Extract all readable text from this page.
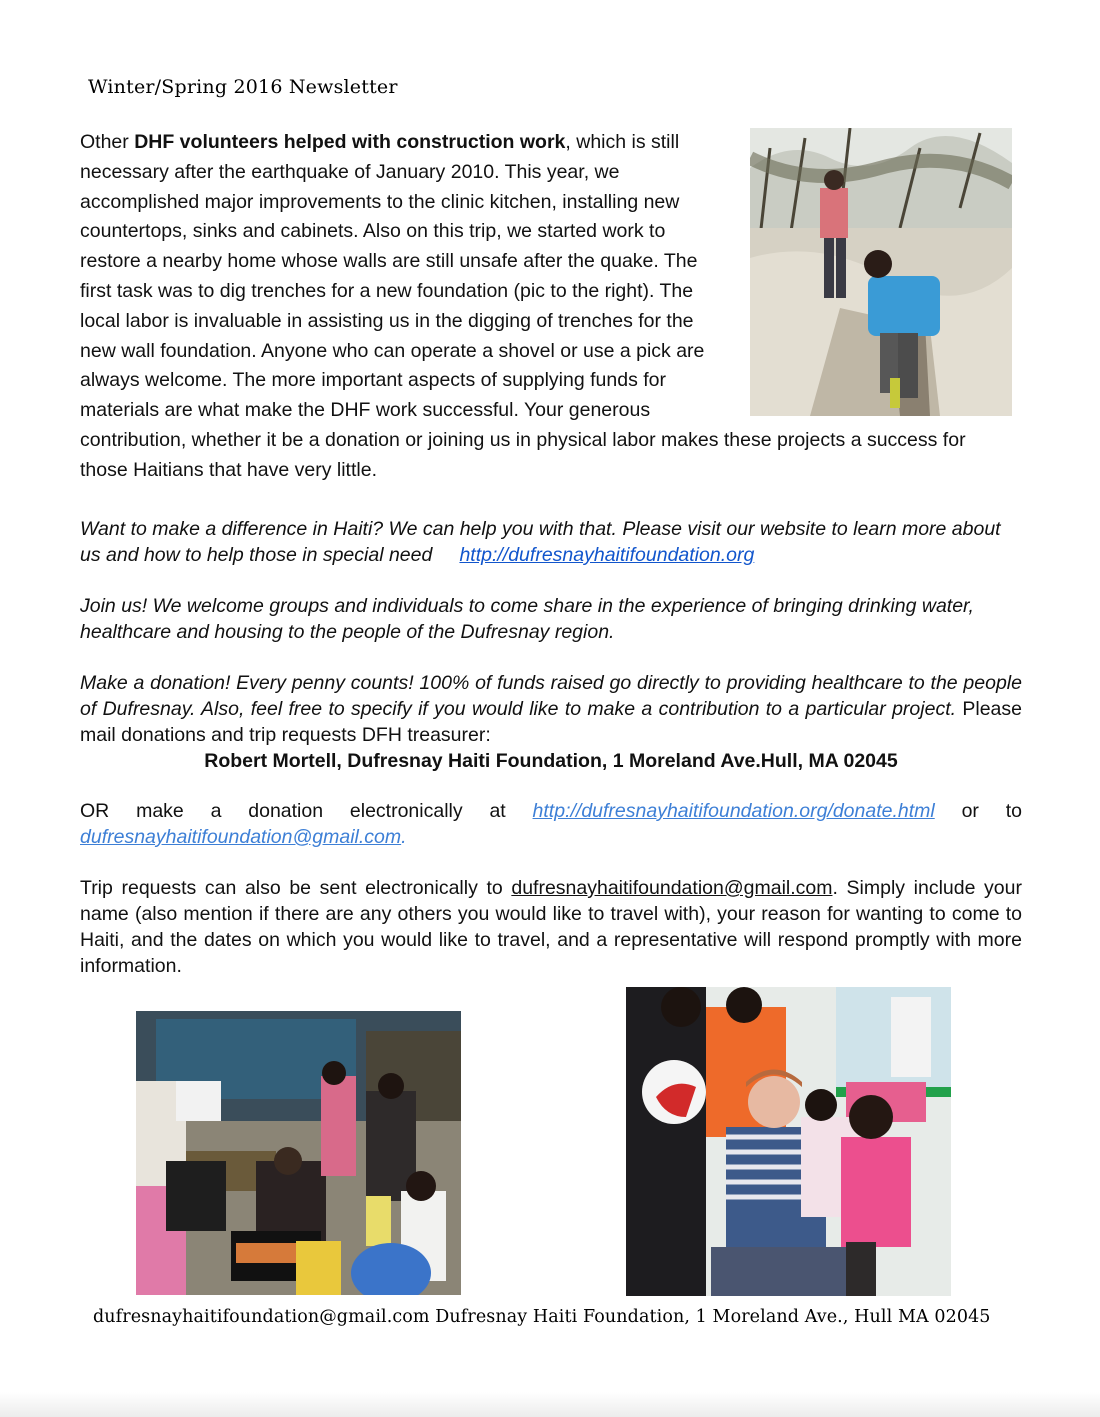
Winter/Spring 2016 Newsletter
Other DHF volunteers helped with construction work, which is still necessary after the earthquake of January 2010. This year, we accomplished major improvements to the clinic kitchen, installing new countertops, sinks and cabinets. Also on this trip, we started work to restore a nearby home whose walls are still unsafe after the quake. The first task was to dig trenches for a new foundation (pic to the right). The local labor is invaluable in assisting us in the digging of trenches for the new wall foundation. Anyone who can operate a shovel or use a pick are always welcome. The more important aspects of supplying funds for materials are what make the DHF work successful. Your generous contribution, whether it be a donation or joining us in physical labor makes these projects a success for those Haitians that have very little.
Want to make a difference in Haiti? We can help you with that. Please visit our website to learn more about us and how to help those in special need http://dufresnayhaitifoundation.org
Join us! We welcome groups and individuals to come share in the experience of bringing drinking water, healthcare and housing to the people of the Dufresnay region.

Make a donation! Every penny counts! 100% of funds raised go directly to providing healthcare to the people of Dufresnay. Also, feel free to specify if you would like to make a contribution to a particular project. Please mail donations and trip requests DFH treasurer:

Robert Mortell, Dufresnay Haiti Foundation, 1 Moreland Ave.Hull, MA 02045

OR make a donation electronically at http://dufresnayhaitifoundation.org/donate.html or to dufresnayhaitifoundation@gmail.com.

Trip requests can also be sent electronically to dufresnayhaitifoundation@gmail.com. Simply include your name (also mention if there are any others you would like to travel with), your reason for wanting to come to Haiti, and the dates on which you would like to travel, and a representative will respond promptly with more information.

dufresnayhaitifoundation@gmail.com Dufresnay Haiti Foundation, 1 Moreland Ave., Hull MA 02045
